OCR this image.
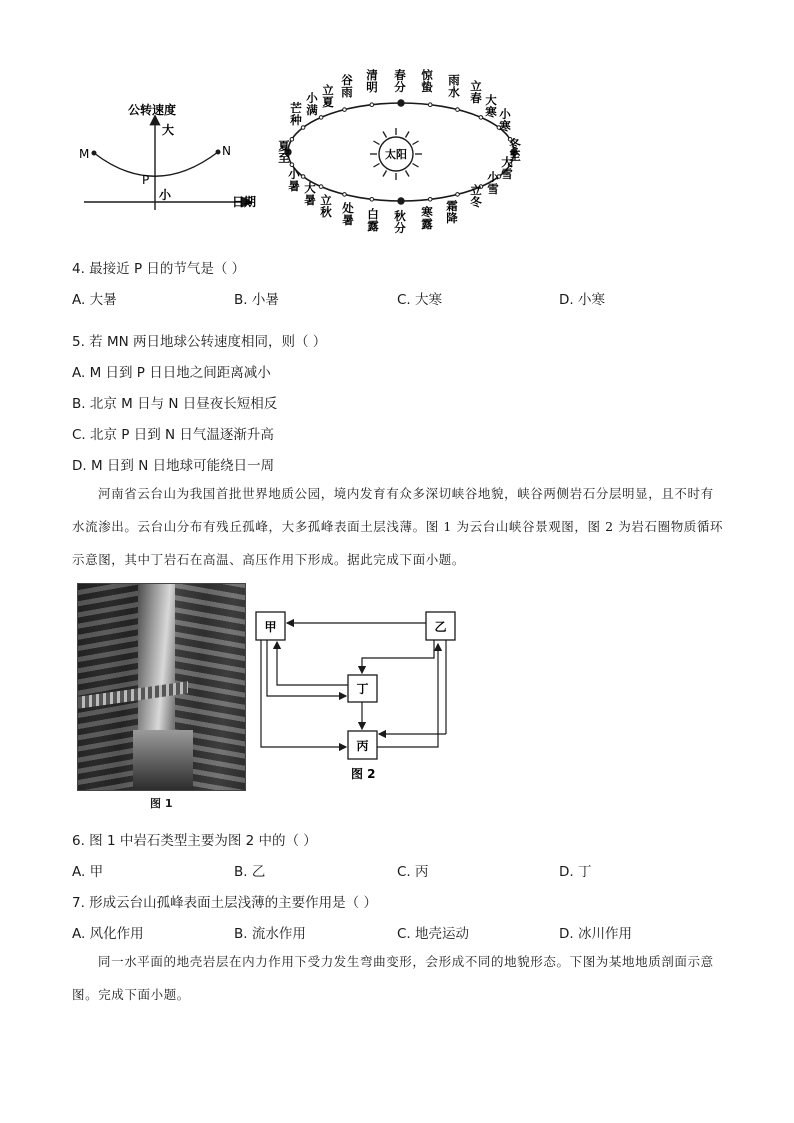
公转速度
大
小	日期
M	N
P
太阳
清明
春分
惊蛰 雨水
谷雨
立夏
小满
芒种
立春 大寒 小寒
冬至
夏至
小暑 大暑 立秋 处暑 白露
秋分
寒露
霜降
立冬
小雪
大雪
4. 最接近 P 日的节气是（ ）
A. 大暑	B. 小暑	C. 大寒	D. 小寒
5. 若 MN 两日地球公转速度相同，则（ ）
A. M 日到 P 日日地之间距离减小
B. 北京 M 日与 N 日昼夜长短相反
C. 北京 P 日到 N 日气温逐渐升高
D. M 日到 N 日地球可能绕日一周
河南省云台山为我国首批世界地质公园，境内发育有众多深切峡谷地貌，峡谷两侧岩石分层明显，且不时有水流渗出。云台山分布有残丘孤峰，大多孤峰表面土层浅薄。图 1 为云台山峡谷景观图，图 2 为岩石圈物质循环示意图，其中丁岩石在高温、高压作用下形成。据此完成下面小题。
图 1
甲	乙
丁
丙
图 2
6. 图 1 中岩石类型主要为图 2 中的（ ）
A. 甲	B. 乙	C. 丙	D. 丁
7. 形成云台山孤峰表面土层浅薄的主要作用是（ ）
A. 风化作用	B. 流水作用	C. 地壳运动	D. 冰川作用
同一水平面的地壳岩层在内力作用下受力发生弯曲变形，会形成不同的地貌形态。下图为某地地质剖面示意图。完成下面小题。
